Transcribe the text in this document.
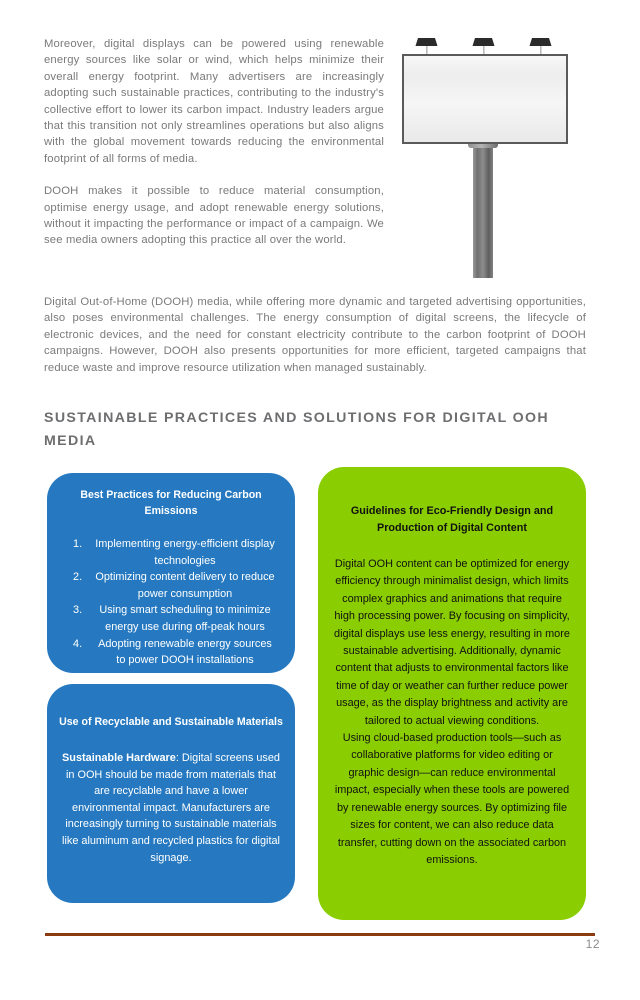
Moreover, digital displays can be powered using renewable energy sources like solar or wind, which helps minimize their overall energy footprint. Many advertisers are increasingly adopting such sustainable practices, contributing to the industry's collective effort to lower its carbon impact. Industry leaders argue that this transition not only streamlines operations but also aligns with the global movement towards reducing the environmental footprint of all forms of media.

DOOH makes it possible to reduce material consumption, optimise energy usage, and adopt renewable energy solutions, without it impacting the performance or impact of a campaign. We see media owners adopting this practice all over the world.

Digital Out-of-Home (DOOH) media, while offering more dynamic and targeted advertising opportunities, also poses environmental challenges. The energy consumption of digital screens, the lifecycle of electronic devices, and the need for constant electricity contribute to the carbon footprint of DOOH campaigns. However, DOOH also presents opportunities for more efficient, targeted campaigns that reduce waste and improve resource utilization when managed sustainably.

SUSTAINABLE PRACTICES AND SOLUTIONS FOR DIGITAL OOH MEDIA

Best Practices for Reducing Carbon Emissions

Implementing energy-efficient display technologies
Optimizing content delivery to reduce power consumption
Using smart scheduling to minimize energy use during off-peak hours
Adopting renewable energy sources to power DOOH installations

Use of Recyclable and Sustainable Materials

Sustainable Hardware: Digital screens used in OOH should be made from materials that are recyclable and have a lower environmental impact. Manufacturers are increasingly turning to sustainable materials like aluminum and recycled plastics for digital signage.

Guidelines for Eco-Friendly Design and Production of Digital Content

Digital OOH content can be optimized for energy efficiency through minimalist design, which limits complex graphics and animations that require high processing power. By focusing on simplicity, digital displays use less energy, resulting in more sustainable advertising. Additionally, dynamic content that adjusts to environmental factors like time of day or weather can further reduce power usage, as the display brightness and activity are tailored to actual viewing conditions.

Using cloud-based production tools—such as collaborative platforms for video editing or graphic design—can reduce environmental impact, especially when these tools are powered by renewable energy sources. By optimizing file sizes for content, we can also reduce data transfer, cutting down on the associated carbon emissions.

12
